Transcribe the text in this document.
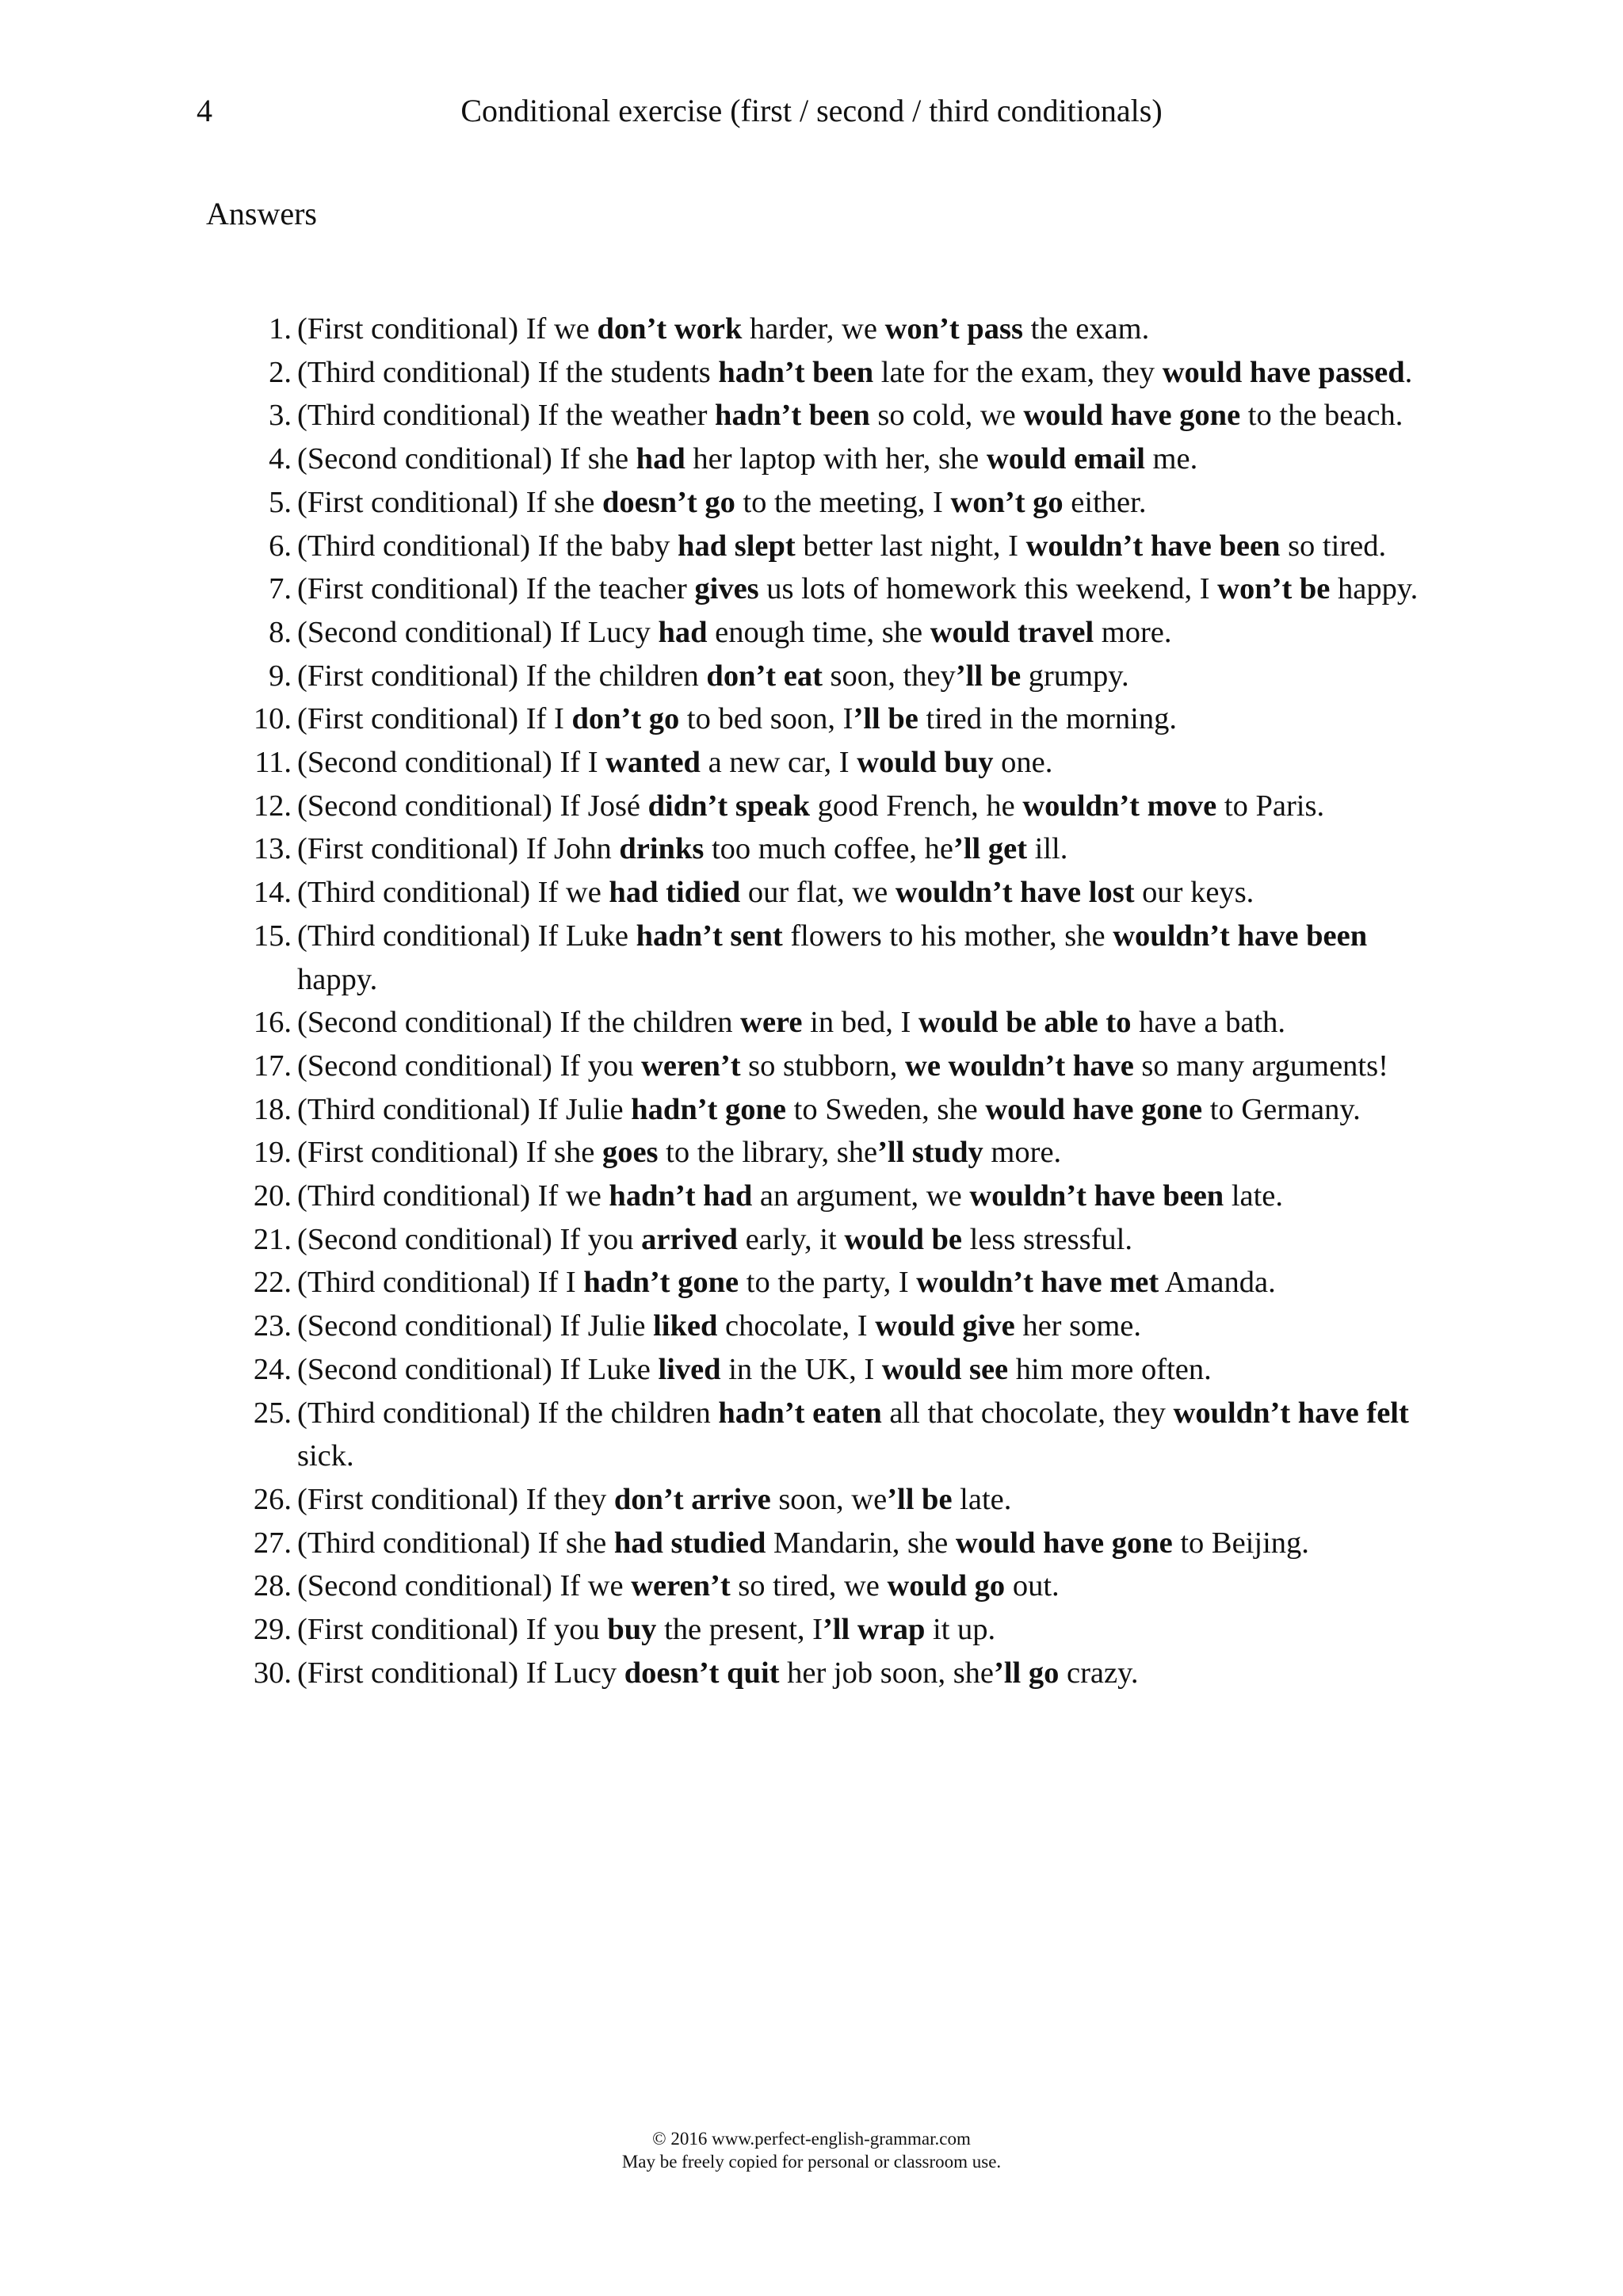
4	Conditional exercise (first / second / third conditionals)
Answers
1. (First conditional) If we don’t work harder, we won’t pass the exam.
2. (Third conditional) If the students hadn’t been late for the exam, they would have passed.
3. (Third conditional) If the weather hadn’t been so cold, we would have gone to the beach.
4. (Second conditional) If she had her laptop with her, she would email me.
5. (First conditional) If she doesn’t go to the meeting, I won’t go either.
6. (Third conditional) If the baby had slept better last night, I wouldn’t have been so tired.
7. (First conditional) If the teacher gives us lots of homework this weekend, I won’t be happy.
8. (Second conditional) If Lucy had enough time, she would travel more.
9. (First conditional) If the children don’t eat soon, they’ll be grumpy.
10. (First conditional) If I don’t go to bed soon, I’ll be tired in the morning.
11. (Second conditional) If I wanted a new car, I would buy one.
12. (Second conditional) If José didn’t speak good French, he wouldn’t move to Paris.
13. (First conditional) If John drinks too much coffee, he’ll get ill.
14. (Third conditional) If we had tidied our flat, we wouldn’t have lost our keys.
15. (Third conditional) If Luke hadn’t sent flowers to his mother, she wouldn’t have been happy.
16. (Second conditional) If the children were in bed, I would be able to have a bath.
17. (Second conditional) If you weren’t so stubborn, we wouldn’t have so many arguments!
18. (Third conditional) If Julie hadn’t gone to Sweden, she would have gone to Germany.
19. (First conditional) If she goes to the library, she’ll study more.
20. (Third conditional) If we hadn’t had an argument, we wouldn’t have been late.
21. (Second conditional) If you arrived early, it would be less stressful.
22. (Third conditional) If I hadn’t gone to the party, I wouldn’t have met Amanda.
23. (Second conditional) If Julie liked chocolate, I would give her some.
24. (Second conditional) If Luke lived in the UK, I would see him more often.
25. (Third conditional) If the children hadn’t eaten all that chocolate, they wouldn’t have felt sick.
26. (First conditional) If they don’t arrive soon, we’ll be late.
27. (Third conditional) If she had studied Mandarin, she would have gone to Beijing.
28. (Second conditional) If we weren’t so tired, we would go out.
29. (First conditional) If you buy the present, I’ll wrap it up.
30. (First conditional) If Lucy doesn’t quit her job soon, she’ll go crazy.
© 2016 www.perfect-english-grammar.com
May be freely copied for personal or classroom use.
